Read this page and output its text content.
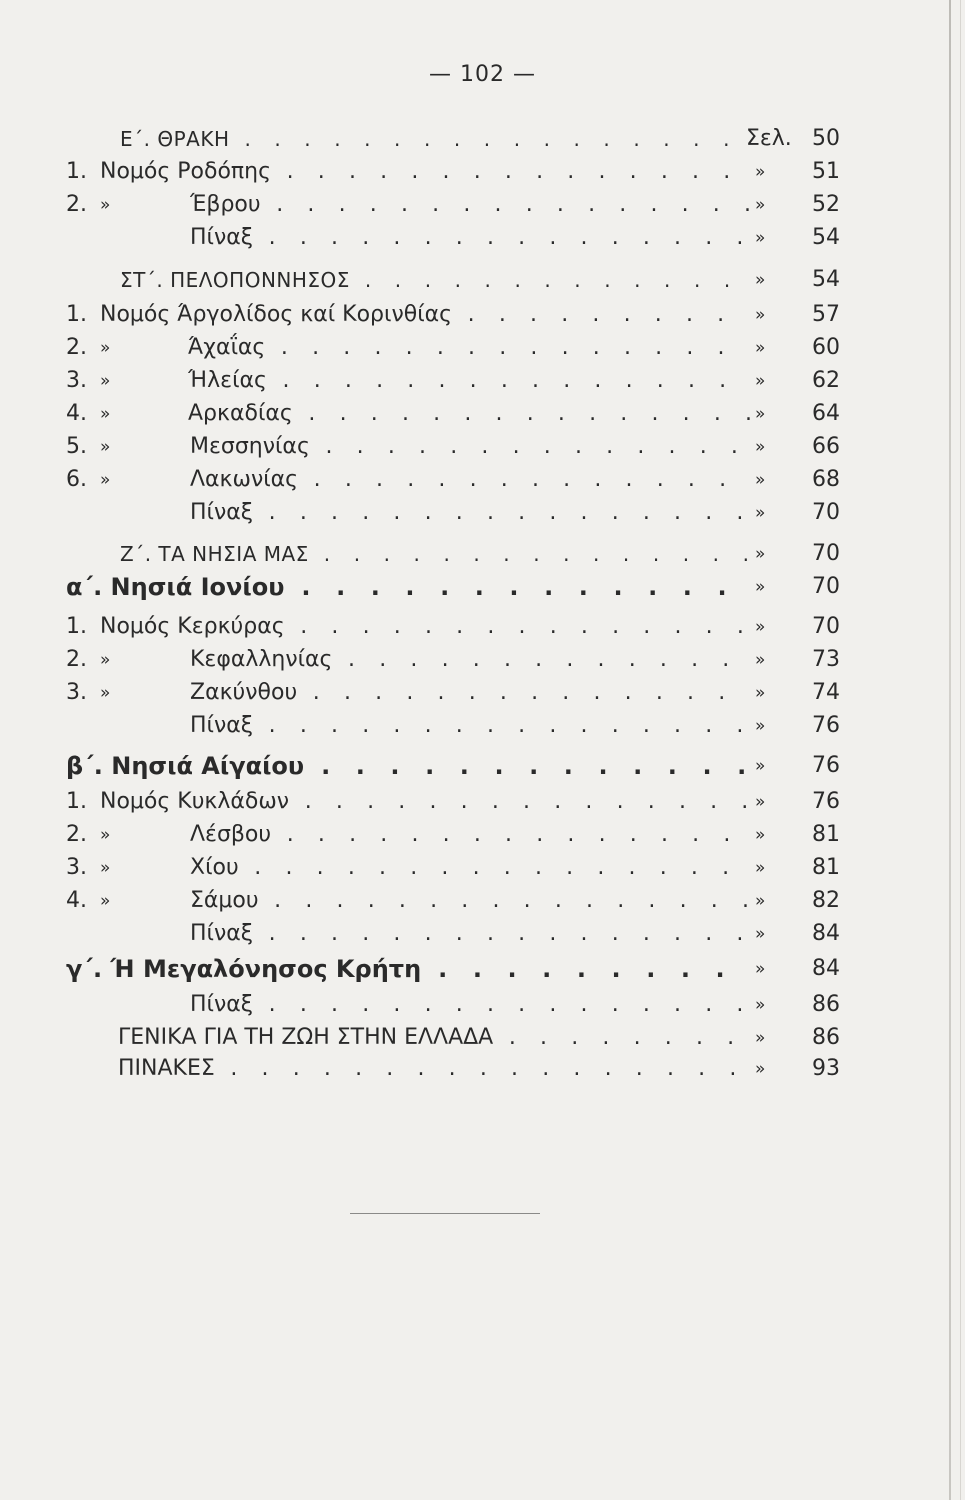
— 102 —
Ε΄. ΘΡΑΚΗ . . .	Σελ. 50
1. Νομός Ροδόπης . . .	»	51
2. »	Έβρου . . .	»	52
Πίναξ . . .	»	54
ΣΤ΄. ΠΕΛΟΠΟΝΝΗΣΟΣ . . .	»	54
1. Νομός Άργολίδος καί Κορινθίας . . .	»	57
2. »	Άχαΐας . . .	»	60
3. »	Ήλείας . . .	»	62
4. »	Αρκαδίας . . .	»	64
5. »	Μεσσηνίας . . .	»	66
6. »	Λακωνίας . . .	»	68
Πίναξ . . .	»	70
Ζ΄. ΤΑ ΝΗΣΙΑ ΜΑΣ . . .	»	70
α΄. Νησιά Ιονίου . . .	»	70
1. Νομός Κερκύρας . . .	»	70
2. »	Κεφαλληνίας . . .	»	73
3. »	Ζακύνθου . . .	»	74
Πίναξ . . .	»	76
β΄. Νησιά Αίγαίου . . .	»	76
1. Νομός Κυκλάδων . . .	»	76
2. »	Λέσβου . . .	»	81
3. »	Χίου . . .	»	81
4. »	Σάμου . . .	»	82
Πίναξ . . .	»	84
γ΄. Ή Μεγαλόνησος Κρήτη . . .	»	84
Πίναξ . . .	»	86
ΓΕΝΙΚΑ ΓΙΑ ΤΗ ΖΩΗ ΣΤΗΝ ΕΛΛΑΔΑ . . .	»	86
ΠΙΝΑΚΕΣ . . .	»	93
